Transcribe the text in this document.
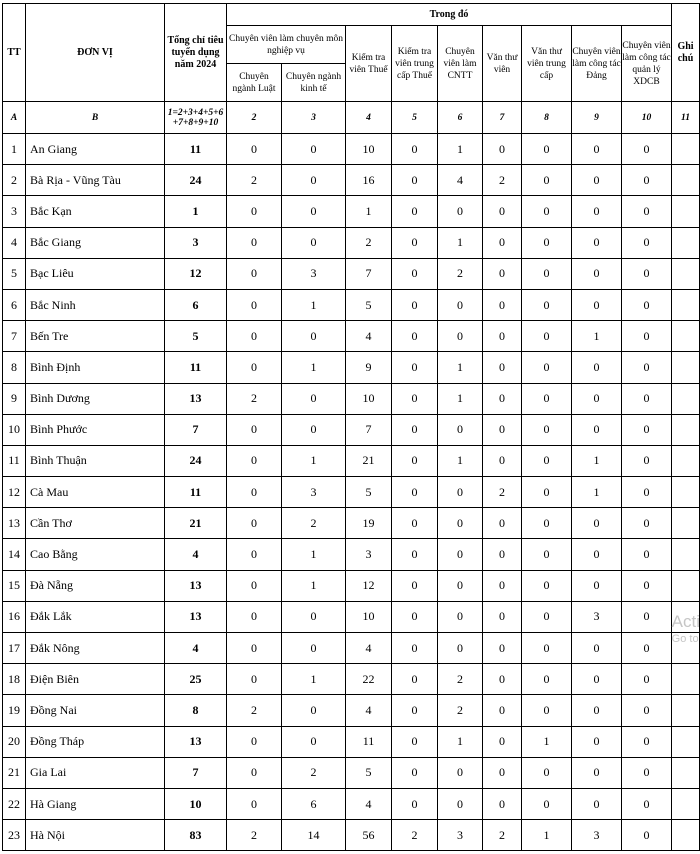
TT	ĐƠN VỊ	Tổng chỉ tiêu tuyển dụng năm 2024	Trong đó									Ghi chú
			Chuyên viên làm chuyên môn nghiệp vụ		Kiểm tra viên Thuế	Kiểm tra viên trung cấp Thuế	Chuyên viên làm CNTT	Văn thư viên	Văn thư viên trung cấp	Chuyên viên làm công tác Đảng	Chuyên viên làm công tác quản lý XDCB	
			Chuyên ngành Luật	Chuyên ngành kinh tế								
A	B	1=2+3+4+5+6 +7+8+9+10	2	3	4	5	6	7	8	9	10	11
1	An Giang	11	0	0	10	0	1	0	0	0	0	
2	Bà Rịa - Vũng Tàu	24	2	0	16	0	4	2	0	0	0	
3	Bắc Kạn	1	0	0	1	0	0	0	0	0	0	
4	Bắc Giang	3	0	0	2	0	1	0	0	0	0	
5	Bạc Liêu	12	0	3	7	0	2	0	0	0	0	
6	Bắc Ninh	6	0	1	5	0	0	0	0	0	0	
7	Bến Tre	5	0	0	4	0	0	0	0	1	0	
8	Bình Định	11	0	1	9	0	1	0	0	0	0	
9	Bình Dương	13	2	0	10	0	1	0	0	0	0	
10	Bình Phước	7	0	0	7	0	0	0	0	0	0	
11	Bình Thuận	24	0	1	21	0	1	0	0	1	0	
12	Cà Mau	11	0	3	5	0	0	2	0	1	0	
13	Cần Thơ	21	0	2	19	0	0	0	0	0	0	
14	Cao Bằng	4	0	1	3	0	0	0	0	0	0	
15	Đà Nẵng	13	0	1	12	0	0	0	0	0	0	
16	Đắk Lắk	13	0	0	10	0	0	0	0	3	0	
17	Đắk Nông	4	0	0	4	0	0	0	0	0	0	
18	Điện Biên	25	0	1	22	0	2	0	0	0	0	
19	Đồng Nai	8	2	0	4	0	2	0	0	0	0	
20	Đồng Tháp	13	0	0	11	0	1	0	1	0	0	
21	Gia Lai	7	0	2	5	0	0	0	0	0	0	
22	Hà Giang	10	0	6	4	0	0	0	0	0	0	
23	Hà Nội	83	2	14	56	2	3	2	1	3	0	
Acti
Go to
